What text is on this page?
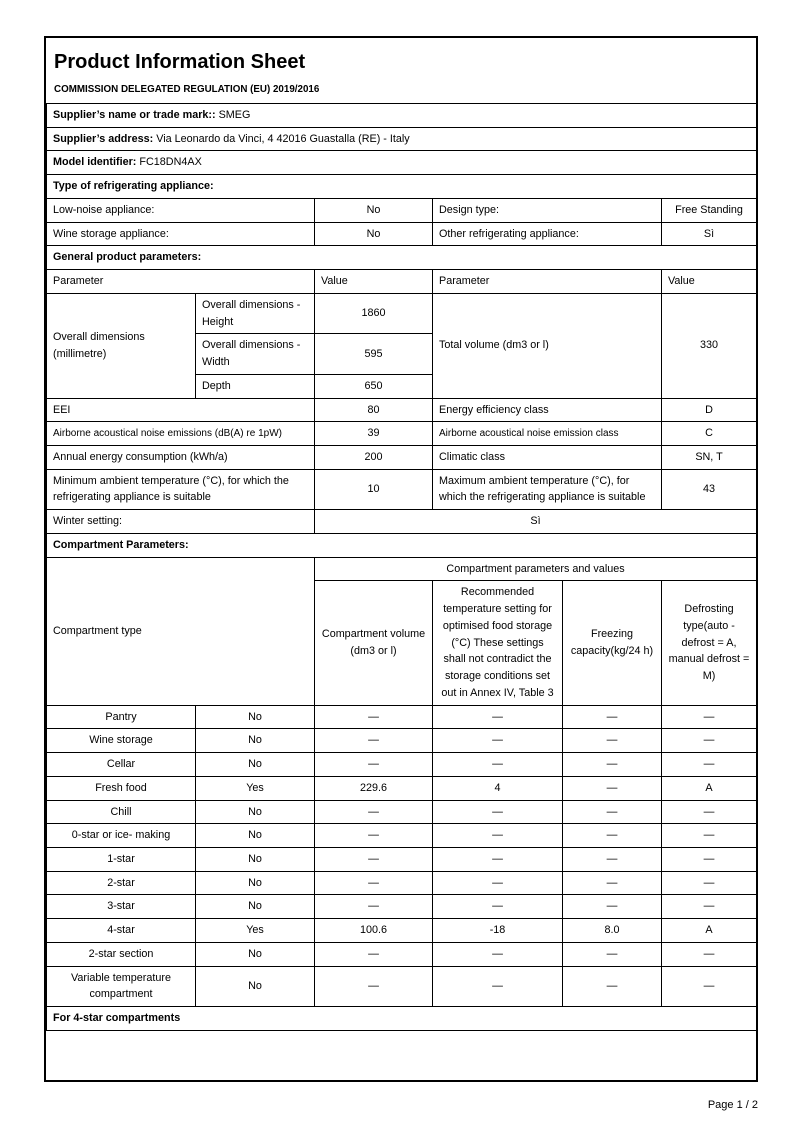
Product Information Sheet
COMMISSION DELEGATED REGULATION (EU) 2019/2016
Supplier’s name or trade mark:: SMEG					
Supplier’s address: Via Leonardo da Vinci, 4 42016 Guastalla (RE) - Italy					
Model identifier: FC18DN4AX					
Type of refrigerating appliance:					
Low-noise appliance:		No	Design type:		Free Standing
Wine storage appliance:		No	Other refrigerating appliance:		Sì
General product parameters:					
Parameter		Value	Parameter		Value
Overall dimensions (millimetre)	Overall dimensions - Height	1860	Total volume (dm3 or l)		330
	Overall dimensions - Width	595			
	Depth	650			
EEI		80	Energy efficiency class		D
Airborne acoustical noise emissions (dB(A) re 1pW)		39	Airborne acoustical noise emission class		C
Annual energy consumption (kWh/a)		200	Climatic class		SN, T
Minimum ambient temperature (°C), for which the refrigerating appliance is suitable		10	Maximum ambient temperature (°C), for which the refrigerating appliance is suitable		43
Winter setting:		Sì			
Compartment Parameters:					
Compartment type		Compartment parameters and values			
		Compartment volume (dm3 or l)	Recommended temperature setting for optimised food storage (°C) These settings shall not contradict the storage conditions set out in Annex IV, Table 3	Freezing capacity(kg/24 h)	Defrosting type(auto - defrost = A, manual defrost = M)
Pantry	No	—	—	—	—
Wine storage	No	—	—	—	—
Cellar	No	—	—	—	—
Fresh food	Yes	229.6	4	—	A
Chill	No	—	—	—	—
0-star or ice- making	No	—	—	—	—
1-star	No	—	—	—	—
2-star	No	—	—	—	—
3-star	No	—	—	—	—
4-star	Yes	100.6	-18	8.0	A
2-star section	No	—	—	—	—
Variable temperature compartment	No	—	—	—	—
For 4-star compartments					
Page 1 / 2
